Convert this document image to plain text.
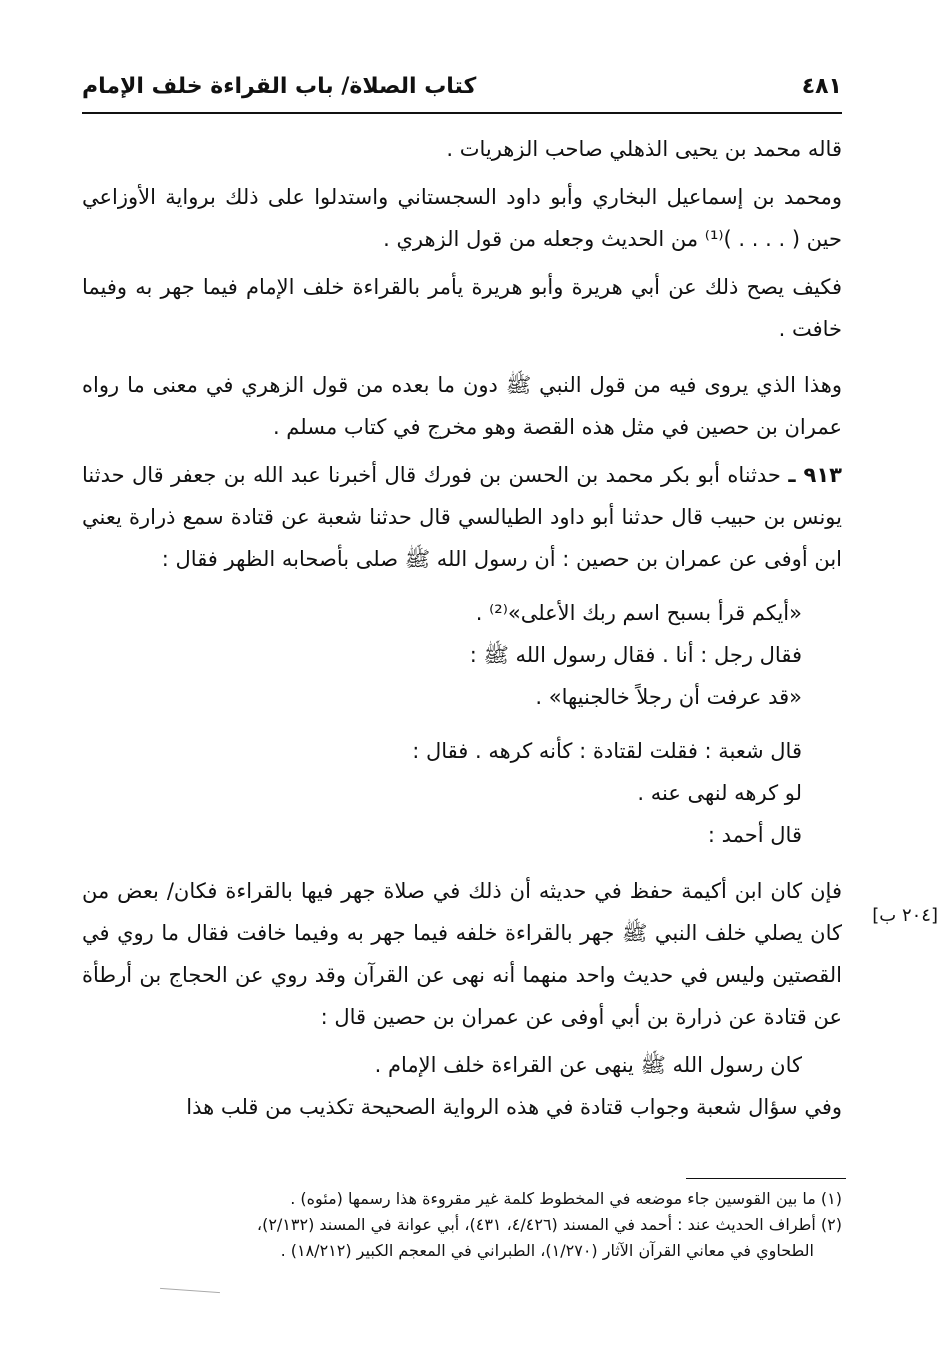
٤٨١
كتاب الصلاة/ باب القراءة خلف الإمام

قاله محمد بن يحيى الذهلي صاحب الزهريات .

ومحمد بن إسماعيل البخاري وأبو داود السجستاني واستدلوا على ذلك برواية الأوزاعي حين ( . . . . )⁽¹⁾ من الحديث وجعله من قول الزهري .

فكيف يصح ذلك عن أبي هريرة وأبو هريرة يأمر بالقراءة خلف الإمام فيما جهر به وفيما خافت .

وهذا الذي يروى فيه من قول النبي ﷺ دون ما بعده من قول الزهري في معنى ما رواه عمران بن حصين في مثل هذه القصة وهو مخرج في كتاب مسلم .

٩١٣ ـ حدثناه أبو بكر محمد بن الحسن بن فورك قال أخبرنا عبد الله بن جعفر قال حدثنا يونس بن حبيب قال حدثنا أبو داود الطيالسي قال حدثنا شعبة عن قتادة سمع ذرارة يعني ابن أوفى عن عمران بن حصين : أن رسول الله ﷺ صلى بأصحابه الظهر فقال :

«أيكم قرأ بسبح اسم ربك الأعلى»⁽²⁾ .

فقال رجل : أنا . فقال رسول الله ﷺ :

«قد عرفت أن رجلاً خالجنيها» .

قال شعبة : فقلت لقتادة : كأنه كرهه . فقال :

لو كرهه لنهى عنه .

قال أحمد :

فإن كان ابن أكيمة حفظ في حديثه أن ذلك في صلاة جهر فيها بالقراءة فكان/ بعض من كان يصلي خلف النبي ﷺ جهر بالقراءة خلفه فيما جهر به وفيما خافت فقال ما روي في القصتين وليس في حديث واحد منهما أنه نهى عن القرآن وقد روي عن الحجاج بن أرطأة عن قتادة عن ذرارة بن أبي أوفى عن عمران بن حصين قال :

كان رسول الله ﷺ ينهى عن القراءة خلف الإمام .

وفي سؤال شعبة وجواب قتادة في هذه الرواية الصحيحة تكذيب من قلب هذا

[٢٠٤ ب]

(١) ما بين القوسين جاء موضعه في المخطوط كلمة غير مقروءة هذا رسمها (مئوه) .

(٢) أطراف الحديث عند : أحمد في المسند (٤/٤٢٦، ٤٣١)، أبي عوانة في المسند (٢/١٣٢)،

الطحاوي في معاني القرآن الآثار (١/٢٧٠)، الطبراني في المعجم الكبير (١٨/٢١٢) .
